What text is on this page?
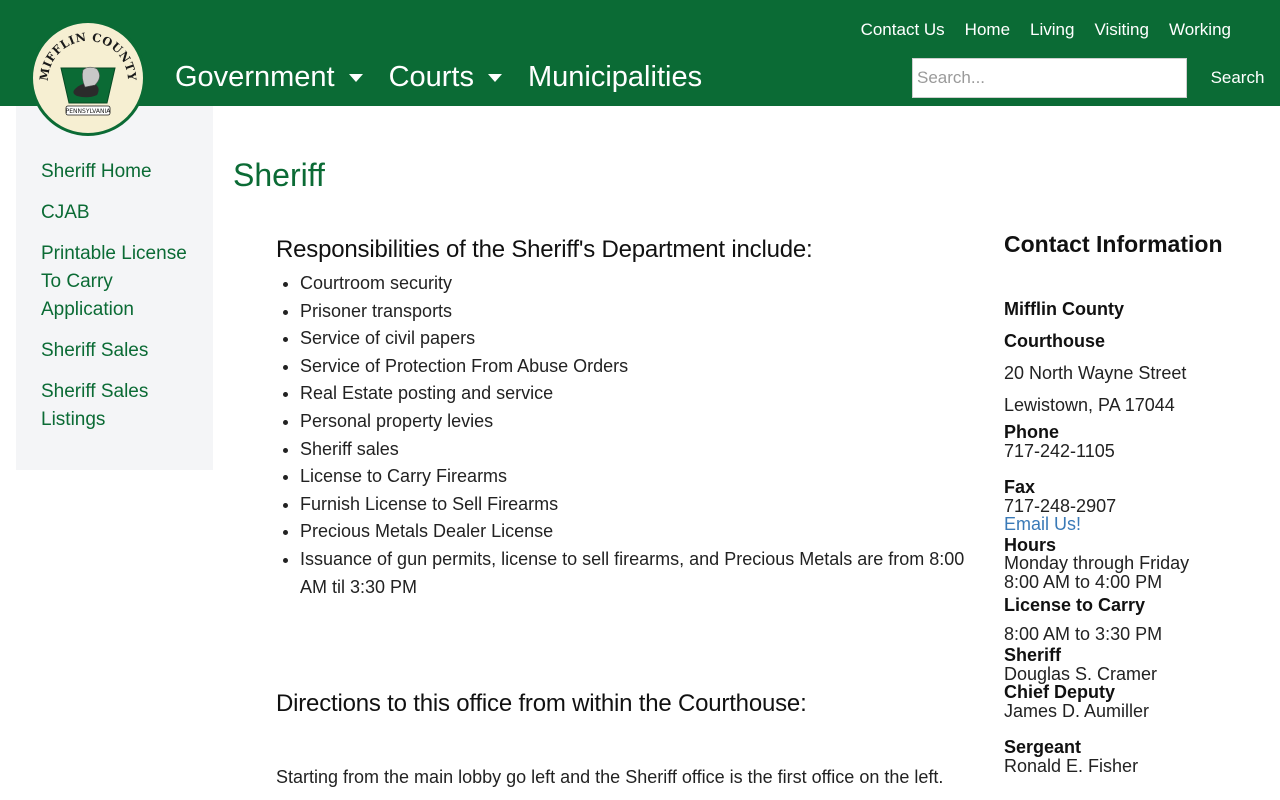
Contact Us Home Living Visiting Working
Government Courts Municipalities
Search...	Search
MIFFLIN COUNTY
PENNSYLVANIA
Sheriff Home
CJAB
Printable License To Carry Application
Sheriff Sales
Sheriff Sales Listings
Sheriff
Responsibilities of the Sheriff's Department include:
• Courtroom security
• Prisoner transports
• Service of civil papers
• Service of Protection From Abuse Orders
• Real Estate posting and service
• Personal property levies
• Sheriff sales
• License to Carry Firearms
• Furnish License to Sell Firearms
• Precious Metals Dealer License
• Issuance of gun permits, license to sell firearms, and Precious Metals are from 8:00 AM til 3:30 PM
Directions to this office from within the Courthouse:

Starting from the main lobby go left and the Sheriff office is the first office on the left.

Contact Information
Mifflin County
Courthouse
20 North Wayne Street
Lewistown, PA 17044
Phone
717-242-1105
Fax
717-248-2907
Email Us!
Hours
Monday through Friday
8:00 AM to 4:00 PM
License to Carry
8:00 AM to 3:30 PM
Sheriff
Douglas S. Cramer
Chief Deputy
James D. Aumiller
Sergeant
Ronald E. Fisher
